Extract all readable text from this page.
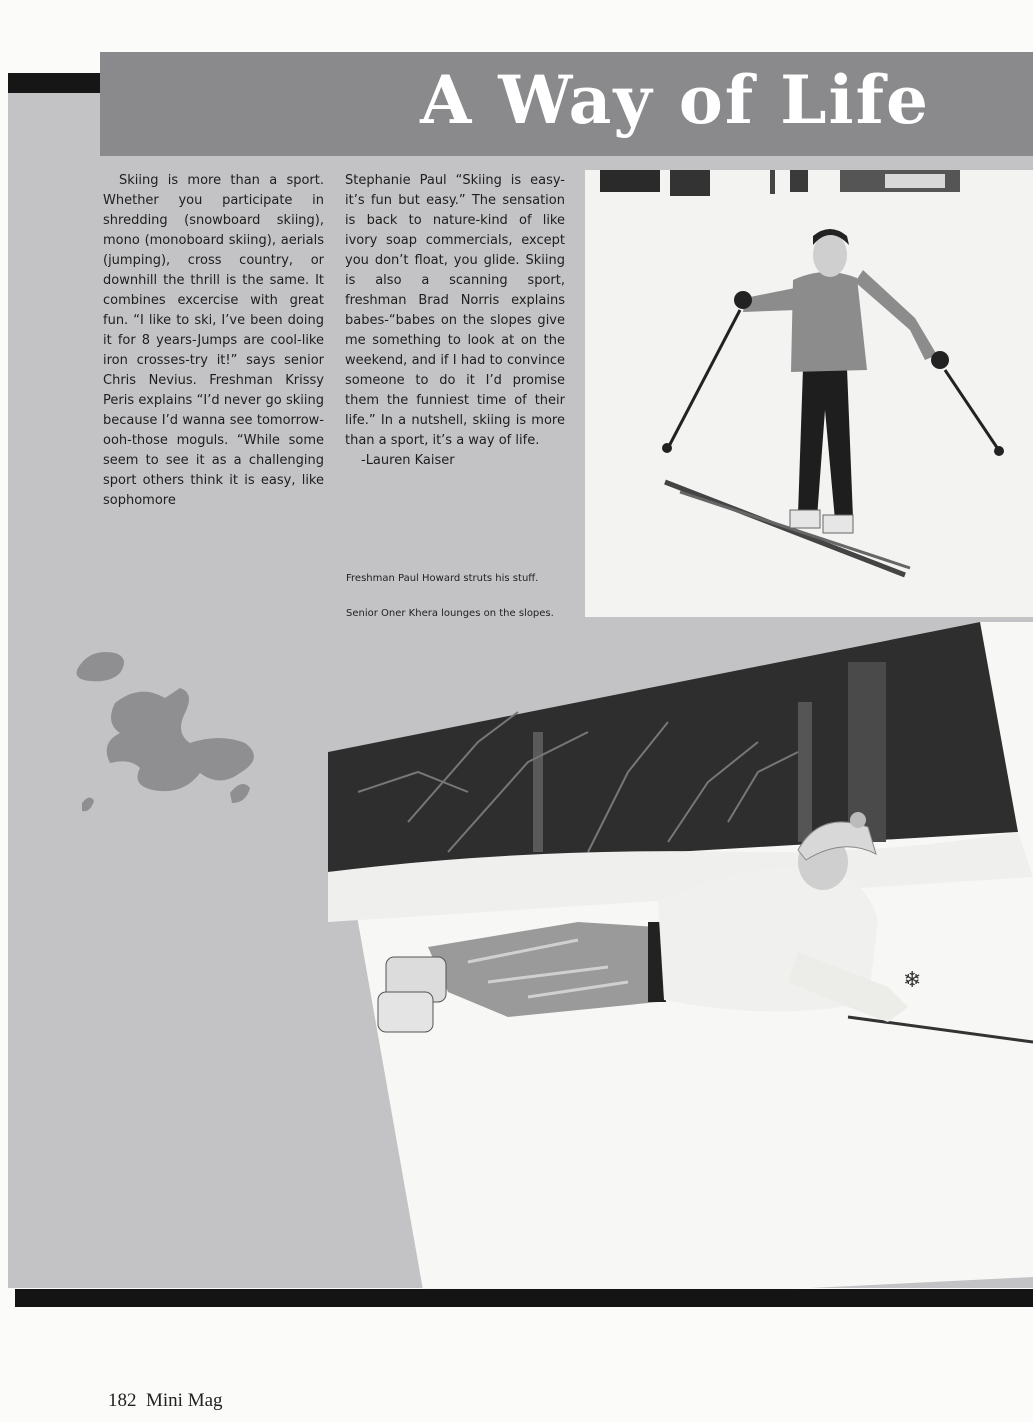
A Way of Life

Skiing is more than a sport. Whether you participate in shredding (snowboard skiing), mono (monoboard skiing), aerials (jumping), cross country, or downhill the thrill is the same. It combines excercise with great fun. “I like to ski, I’ve been doing it for 8 years-Jumps are cool-like iron crosses-try it!” says senior Chris Nevius. Freshman Krissy Peris explains “I’d never go skiing because I’d wanna see tomorrow-ooh-those moguls. “While some seem to see it as a challenging sport others think it is easy, like sophomore

Stephanie Paul “Skiing is easy-it’s fun but easy.” The sensation is back to nature-kind of like ivory soap commercials, except you don’t float, you glide. Skiing is also a scanning sport, freshman Brad Norris explains babes-“babes on the slopes give me something to look at on the weekend, and if I had to convince someone to do it I’d promise them the funniest time of their life.” In a nutshell, skiing is more than a sport, it’s a way of life.

-Lauren Kaiser

Freshman Paul Howard struts his stuff.

Senior Oner Khera lounges on the slopes.

❄

182 Mini Mag
